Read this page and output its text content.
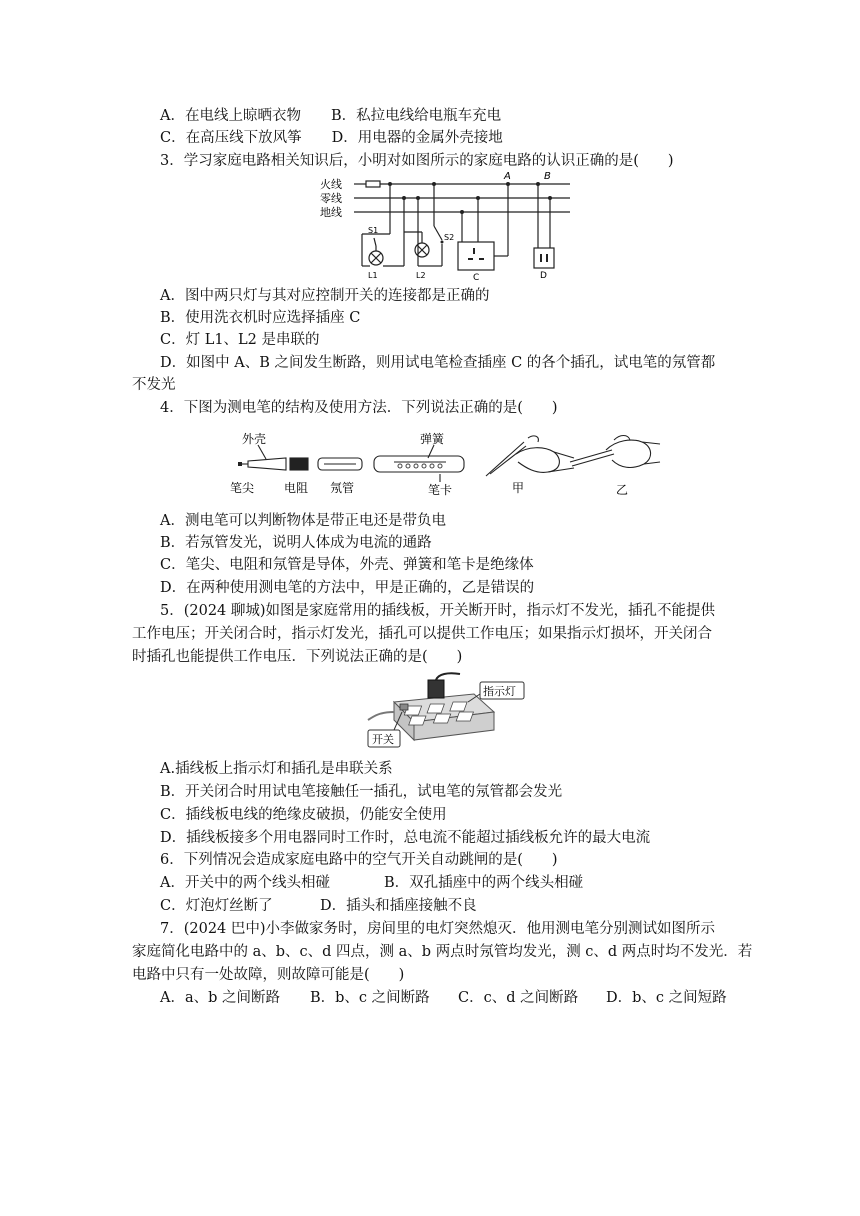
A．在电线上晾晒衣物 B．私拉电线给电瓶车充电
C．在高压线下放风筝 D．用电器的金属外壳接地
3．学习家庭电路相关知识后，小明对如图所示的家庭电路的认识正确的是(　　)
火线
零线
地线
A	B
S1
S2
L1	L2	C	D
A．图中两只灯与其对应控制开关的连接都是正确的
B．使用洗衣机时应选择插座 C
C．灯 L1、L2 是串联的
D．如图中 A、B 之间发生断路，则用试电笔检查插座 C 的各个插孔，试电笔的氖管都
不发光
4．下图为测电笔的结构及使用方法．下列说法正确的是(　　)
外壳
笔尖 电阻 氖管
弹簧
笔卡	甲	乙
A．测电笔可以判断物体是带正电还是带负电
B．若氖管发光，说明人体成为电流的通路
C．笔尖、电阻和氖管是导体，外壳、弹簧和笔卡是绝缘体
D．在两种使用测电笔的方法中，甲是正确的，乙是错误的
5．(2024 聊城)如图是家庭常用的插线板，开关断开时，指示灯不发光，插孔不能提供
工作电压；开关闭合时，指示灯发光，插孔可以提供工作电压；如果指示灯损坏，开关闭合
时插孔也能提供工作电压．下列说法正确的是(　　)
指示灯
开关
A.插线板上指示灯和插孔是串联关系
B．开关闭合时用试电笔接触任一插孔，试电笔的氖管都会发光
C．插线板电线的绝缘皮破损，仍能安全使用
D．插线板接多个用电器同时工作时，总电流不能超过插线板允许的最大电流
6．下列情况会造成家庭电路中的空气开关自动跳闸的是(　　)
A．开关中的两个线头相碰	B．双孔插座中的两个线头相碰
C．灯泡灯丝断了	D．插头和插座接触不良
7．(2024 巴中)小李做家务时，房间里的电灯突然熄灭．他用测电笔分别测试如图所示
家庭简化电路中的 a、b、c、d 四点，测 a、b 两点时氖管均发光，测 c、d 两点时均不发光．若
电路中只有一处故障，则故障可能是(　　)
A．a、b 之间断路 B．b、c 之间断路 C．c、d 之间断路 D．b、c 之间短路
